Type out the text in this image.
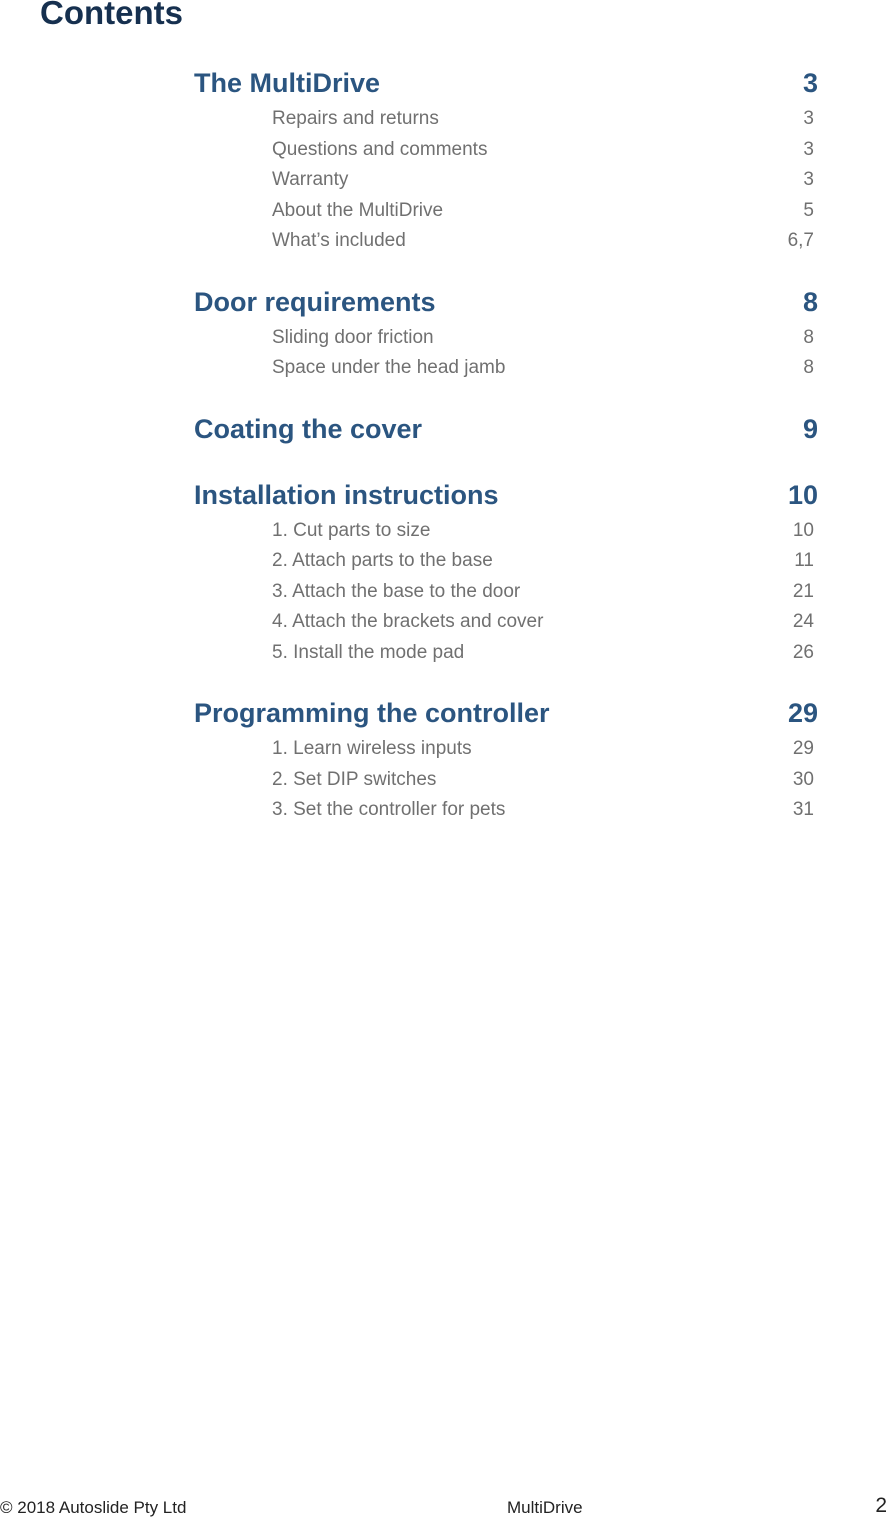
Contents
The MultiDrive	3
Repairs and returns	3
Questions and comments	3
Warranty	3
About the MultiDrive	5
What’s included	6,7
Door requirements	8
Sliding door friction	8
Space under the head jamb	8
Coating the cover	9
Installation instructions	10
1. Cut parts to size	10
2. Attach parts to the base	11
3. Attach the base to the door	21
4. Attach the brackets and cover	24
5. Install the mode pad	26
Programming the controller	29
1. Learn wireless inputs	29
2. Set DIP switches	30
3. Set the controller for pets	31
© 2018 Autoslide Pty Ltd	MultiDrive	2
